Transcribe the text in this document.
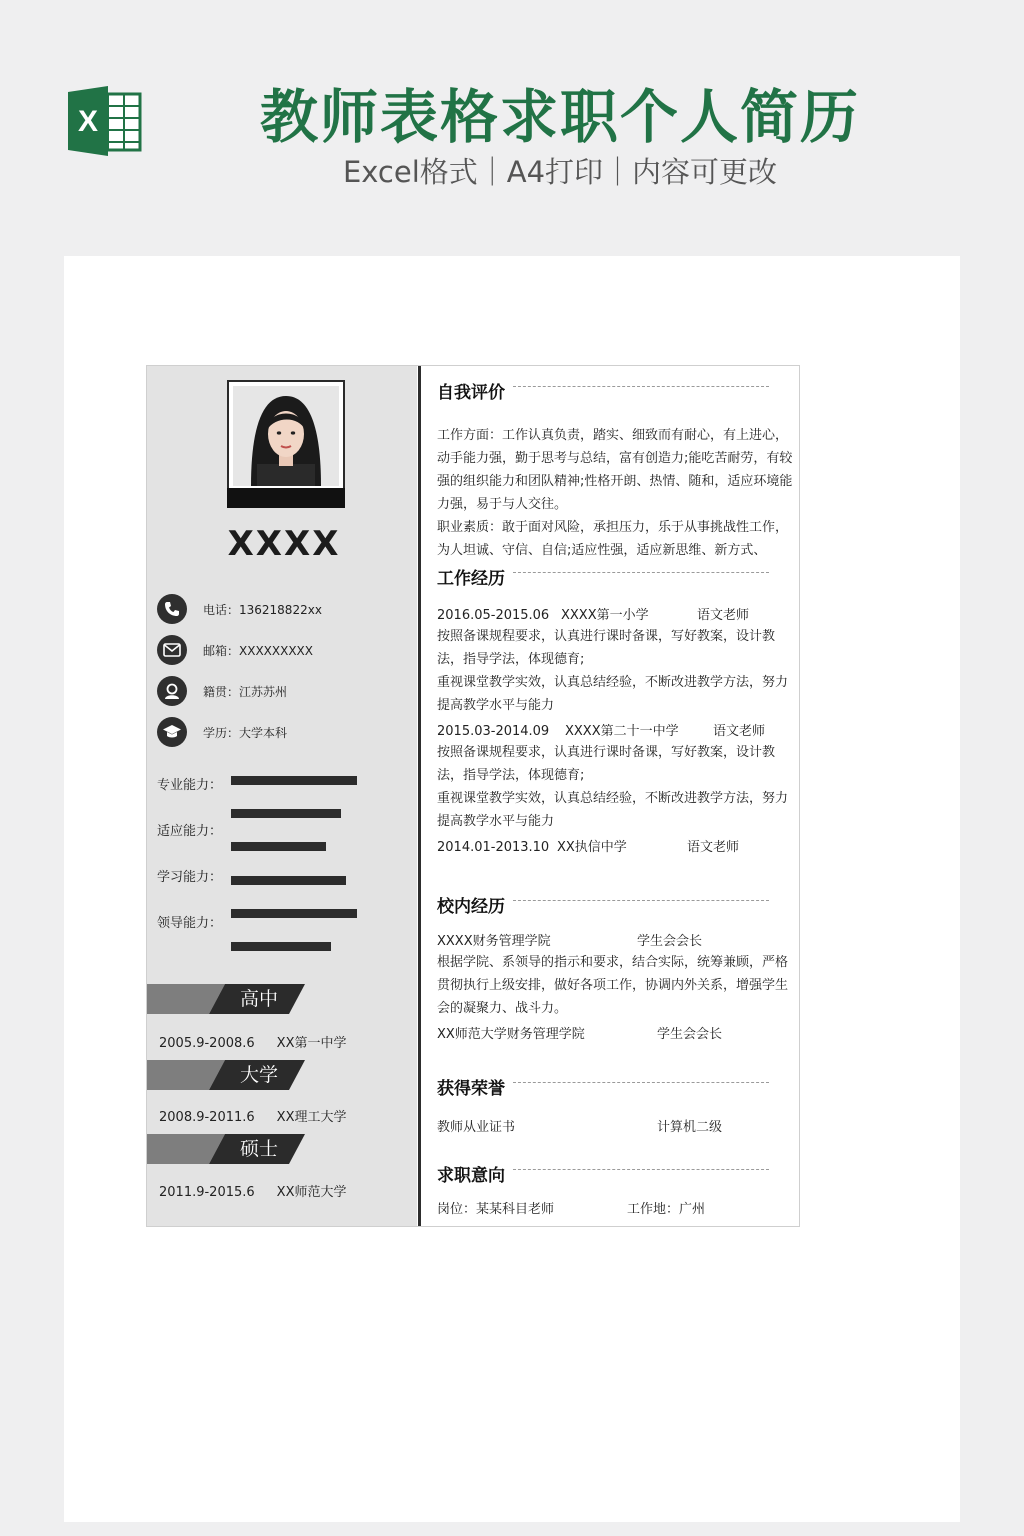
X	教师表格求职个人简历
Excel格式｜A4打印｜内容可更改
XXXX
电话：136218822xx
邮箱：XXXXXXXXX
籍贯：江苏苏州
学历：大学本科
专业能力：
适应能力：
学习能力：
领导能力：
高中
2005.9-2008.6 XX第一中学
大学
2008.9-2011.6 XX理工大学
硕士
2011.9-2015.6 XX师范大学
自我评价
工作方面：工作认真负责，踏实、细致而有耐心，有上进心，动手能力强，勤于思考与总结，富有创造力;能吃苦耐劳，有较强的组织能力和团队精神;性格开朗、热情、随和，适应环境能力强，易于与人交往。
职业素质：敢于面对风险，承担压力，乐于从事挑战性工作，为人坦诚、守信、自信;适应性强，适应新思维、新方式、
工作经历
2016.05-2015.06 XXXX第一小学	语文老师
按照备课规程要求，认真进行课时备课，写好教案，设计教法，指导学法，体现德育;
重视课堂教学实效，认真总结经验，不断改进教学方法，努力提高教学水平与能力
2015.03-2014.09 XXXX第二十一中学	语文老师
按照备课规程要求，认真进行课时备课，写好教案，设计教法，指导学法，体现德育;
重视课堂教学实效，认真总结经验，不断改进教学方法，努力提高教学水平与能力
2014.01-2013.10 XX执信中学	语文老师
校内经历
XXXX财务管理学院	学生会会长
根据学院、系领导的指示和要求，结合实际，统筹兼顾，严格贯彻执行上级安排，做好各项工作，协调内外关系，增强学生会的凝聚力、战斗力。
XX师范大学财务管理学院	学生会会长
获得荣誉
教师从业证书	计算机二级
求职意向
岗位：某某科目老师	工作地：广州
